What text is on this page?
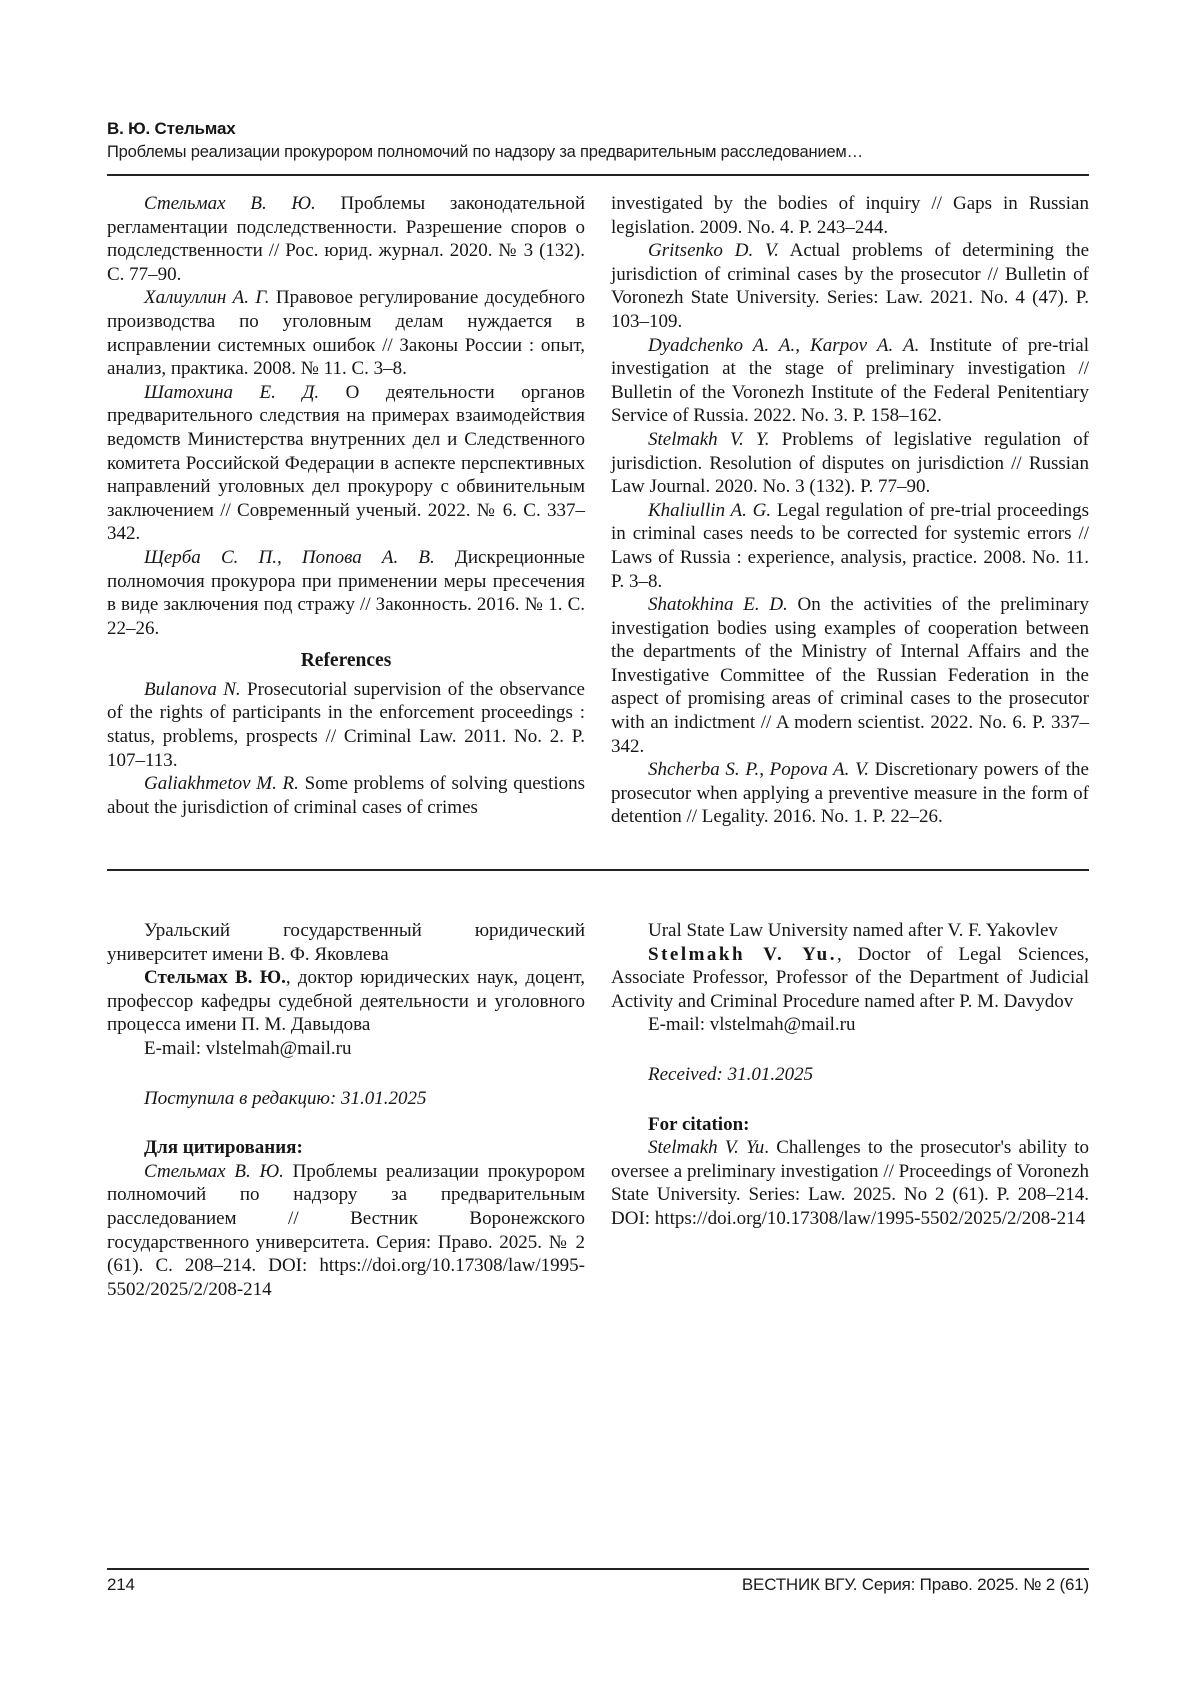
В. Ю. Стельмах
Проблемы реализации прокурором полномочий по надзору за предварительным расследованием…

Стельмах В. Ю. Проблемы законодательной регламентации подследственности. Разрешение споров о подследственности // Рос. юрид. журнал. 2020. № 3 (132). С. 77–90.

Халиуллин А. Г. Правовое регулирование досудебного производства по уголовным делам нуждается в исправлении системных ошибок // Законы России : опыт, анализ, практика. 2008. № 11. С. 3–8.

Шатохина Е. Д. О деятельности органов предварительного следствия на примерах взаимодействия ведомств Министерства внутренних дел и Следственного комитета Российской Федерации в аспекте перспективных направлений уголовных дел прокурору с обвинительным заключением // Современный ученый. 2022. № 6. С. 337–342.

Щерба С. П., Попова А. В. Дискреционные полномочия прокурора при применении меры пресечения в виде заключения под стражу // Законность. 2016. № 1. С. 22–26.

References

Bulanova N. Prosecutorial supervision of the observance of the rights of participants in the enforcement proceedings : status, problems, prospects // Criminal Law. 2011. No. 2. P. 107–113.

Galiakhmetov M. R. Some problems of solving questions about the jurisdiction of criminal cases of crimes

investigated by the bodies of inquiry // Gaps in Russian legislation. 2009. No. 4. P. 243–244.

Gritsenko D. V. Actual problems of determining the jurisdiction of criminal cases by the prosecutor // Bulletin of Voronezh State University. Series: Law. 2021. No. 4 (47). P. 103–109.

Dyadchenko A. A., Karpov A. A. Institute of pre-trial investigation at the stage of preliminary investigation // Bulletin of the Voronezh Institute of the Federal Penitentiary Service of Russia. 2022. No. 3. P. 158–162.

Stelmakh V. Y. Problems of legislative regulation of jurisdiction. Resolution of disputes on jurisdiction // Russian Law Journal. 2020. No. 3 (132). P. 77–90.

Khaliullin A. G. Legal regulation of pre-trial proceedings in criminal cases needs to be corrected for systemic errors // Laws of Russia : experience, analysis, practice. 2008. No. 11. P. 3–8.

Shatokhina E. D. On the activities of the preliminary investigation bodies using examples of cooperation between the departments of the Ministry of Internal Affairs and the Investigative Committee of the Russian Federation in the aspect of promising areas of criminal cases to the prosecutor with an indictment // A modern scientist. 2022. No. 6. P. 337–342.

Shcherba S. P., Popova A. V. Discretionary powers of the prosecutor when applying a preventive measure in the form of detention // Legality. 2016. No. 1. P. 22–26.

Уральский государственный юридический университет имени В. Ф. Яковлева

Стельмах В. Ю., доктор юридических наук, доцент, профессор кафедры судебной деятельности и уголовного процесса имени П. М. Давыдова

E-mail: vlstelmah@mail.ru

Поступила в редакцию: 31.01.2025

Для цитирования:

Стельмах В. Ю. Проблемы реализации прокурором полномочий по надзору за предварительным расследованием // Вестник Воронежского государственного университета. Серия: Право. 2025. № 2 (61). С. 208–214. DOI: https://doi.org/10.17308/law/1995-5502/2025/2/208-214

Ural State Law University named after V. F. Yakovlev

Stelmakh V. Yu., Doctor of Legal Sciences, Associate Professor, Professor of the Department of Judicial Activity and Criminal Procedure named after P. M. Davydov

E-mail: vlstelmah@mail.ru

Received: 31.01.2025

For citation:

Stelmakh V. Yu. Challenges to the prosecutor's ability to oversee a preliminary investigation // Proceedings of Voronezh State University. Series: Law. 2025. No 2 (61). P. 208–214. DOI: https://doi.org/10.17308/law/1995-5502/2025/2/208-214

214	ВЕСТНИК ВГУ. Серия: Право. 2025. № 2 (61)
